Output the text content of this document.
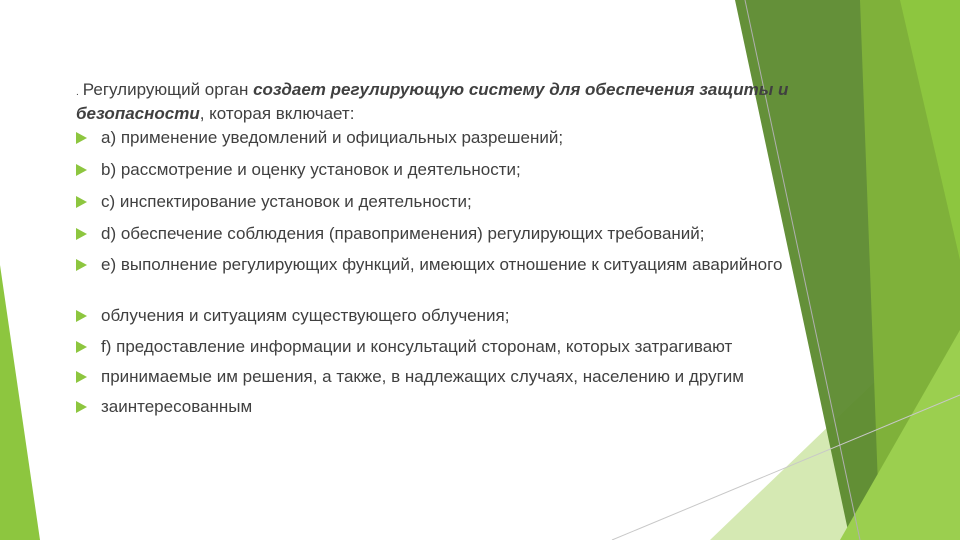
. Регулирующий орган создает регулирующую систему для обеспечения защиты и безопасности, которая включает:

a) применение уведомлений и официальных разрешений;
b) рассмотрение и оценку установок и деятельности;
c) инспектирование установок и деятельности;
d) обеспечение соблюдения (правоприменения) регулирующих требований;
e) выполнение регулирующих функций, имеющих отношение к ситуациям аварийного
облучения и ситуациям существующего облучения;
f) предоставление информации и консультаций сторонам, которых затрагивают
принимаемые им решения, а также, в надлежащих случаях, населению и другим
заинтересованным
